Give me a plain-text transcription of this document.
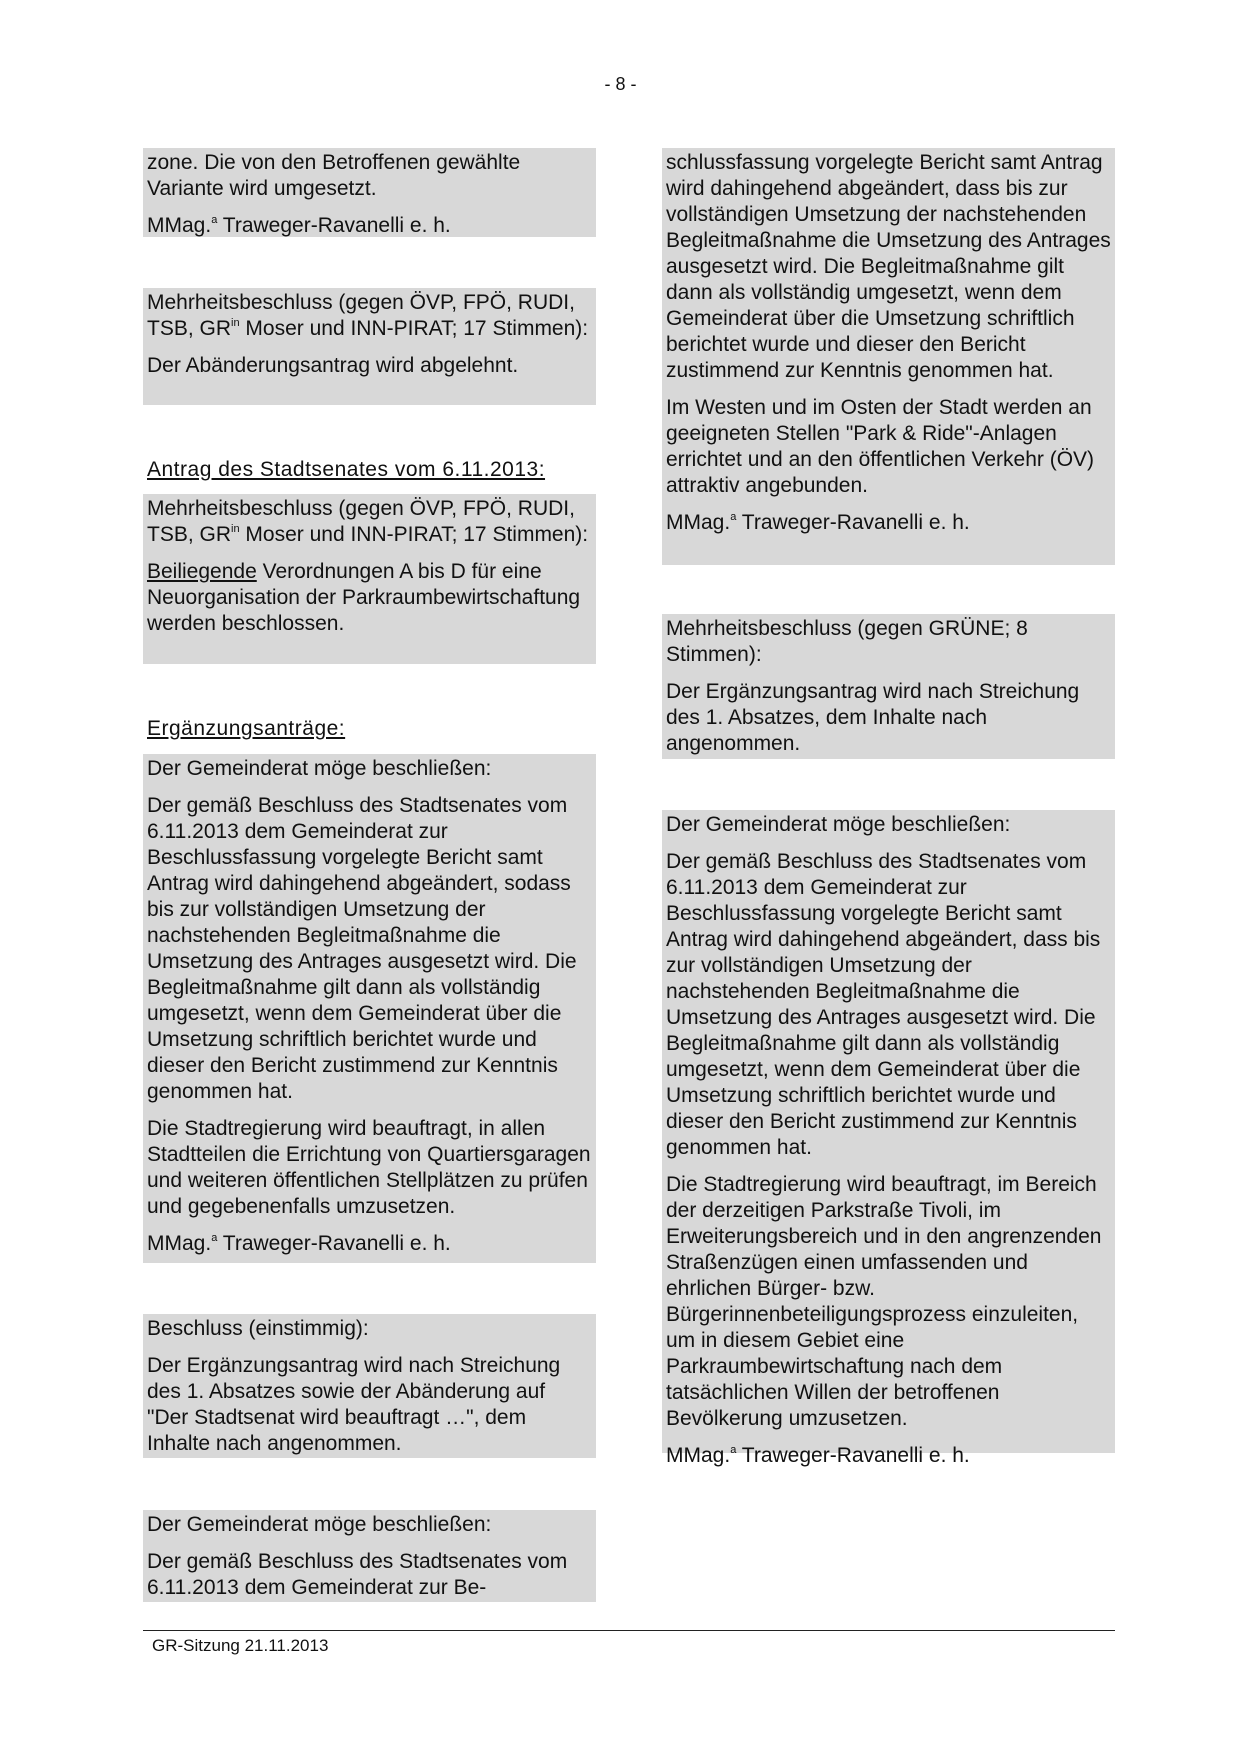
- 8 -

zone. Die von den Betroffenen gewählte Variante wird umgesetzt.

MMag.$^a$ Traweger-Ravanelli e. h.

Mehrheitsbeschluss (gegen ÖVP, FPÖ, RUDI, TSB, $GR^{in}$ Moser und INN-PIRAT; 17 Stimmen):

Der Abänderungsantrag wird abgelehnt.

Antrag des Stadtsenates vom 6.11.2013:

Mehrheitsbeschluss (gegen ÖVP, FPÖ, RUDI, TSB, $GR^{in}$ Moser und INN-PIRAT; 17 Stimmen):

Beiliegende Verordnungen A bis D für eine Neuorganisation der Parkraumbewirtschaftung werden beschlossen.

Ergänzungsanträge:

Der Gemeinderat möge beschließen:

Der gemäß Beschluss des Stadtsenates vom 6.11.2013 dem Gemeinderat zur Beschlussfassung vorgelegte Bericht samt Antrag wird dahingehend abgeändert, sodass bis zur vollständigen Umsetzung der nachstehenden Begleitmaßnahme die Umsetzung des Antrages ausgesetzt wird. Die Begleitmaßnahme gilt dann als vollständig umgesetzt, wenn dem Gemeinderat über die Umsetzung schriftlich berichtet wurde und dieser den Bericht zustimmend zur Kenntnis genommen hat.

Die Stadtregierung wird beauftragt, in allen Stadtteilen die Errichtung von Quartiersgaragen und weiteren öffentlichen Stellplätzen zu prüfen und gegebenenfalls umzusetzen.

MMag.$^a$ Traweger-Ravanelli e. h.

Beschluss (einstimmig):

Der Ergänzungsantrag wird nach Streichung des 1. Absatzes sowie der Abänderung auf "Der Stadtsenat wird beauftragt …", dem Inhalte nach angenommen.

Der Gemeinderat möge beschließen:

Der gemäß Beschluss des Stadtsenates vom 6.11.2013 dem Gemeinderat zur Be-

schlussfassung vorgelegte Bericht samt Antrag wird dahingehend abgeändert, dass bis zur vollständigen Umsetzung der nachstehenden Begleitmaßnahme die Umsetzung des Antrages ausgesetzt wird. Die Begleitmaßnahme gilt dann als vollständig umgesetzt, wenn dem Gemeinderat über die Umsetzung schriftlich berichtet wurde und dieser den Bericht zustimmend zur Kenntnis genommen hat.

Im Westen und im Osten der Stadt werden an geeigneten Stellen "Park & Ride"-Anlagen errichtet und an den öffentlichen Verkehr (ÖV) attraktiv angebunden.

MMag.$^a$ Traweger-Ravanelli e. h.

Mehrheitsbeschluss (gegen GRÜNE; 8 Stimmen):

Der Ergänzungsantrag wird nach Streichung des 1. Absatzes, dem Inhalte nach angenommen.

Der Gemeinderat möge beschließen:

Der gemäß Beschluss des Stadtsenates vom 6.11.2013 dem Gemeinderat zur Beschlussfassung vorgelegte Bericht samt Antrag wird dahingehend abgeändert, dass bis zur vollständigen Umsetzung der nachstehenden Begleitmaßnahme die Umsetzung des Antrages ausgesetzt wird. Die Begleitmaßnahme gilt dann als vollständig umgesetzt, wenn dem Gemeinderat über die Umsetzung schriftlich berichtet wurde und dieser den Bericht zustimmend zur Kenntnis genommen hat.

Die Stadtregierung wird beauftragt, im Bereich der derzeitigen Parkstraße Tivoli, im Erweiterungsbereich und in den angrenzenden Straßenzügen einen umfassenden und ehrlichen Bürger- bzw. Bürgerinnenbeteiligungsprozess einzuleiten, um in diesem Gebiet eine Parkraumbewirtschaftung nach dem tatsächlichen Willen der betroffenen Bevölkerung umzusetzen.

MMag.$^a$ Traweger-Ravanelli e. h.

GR-Sitzung 21.11.2013
